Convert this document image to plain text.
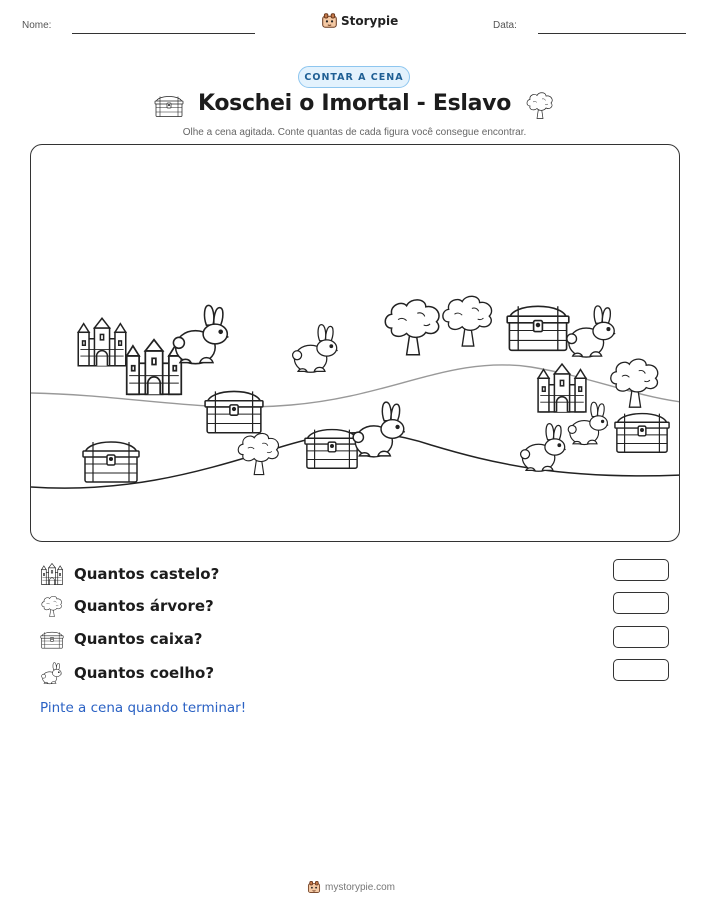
Nome:	Storypie	Data:
CONTAR A CENA
Koschei o Imortal - Eslavo
Olhe a cena agitada. Conte quantas de cada figura você consegue encontrar.
Quantos castelo?
Quantos árvore?
Quantos caixa?
Quantos coelho?
Pinte a cena quando terminar!
mystorypie.com
